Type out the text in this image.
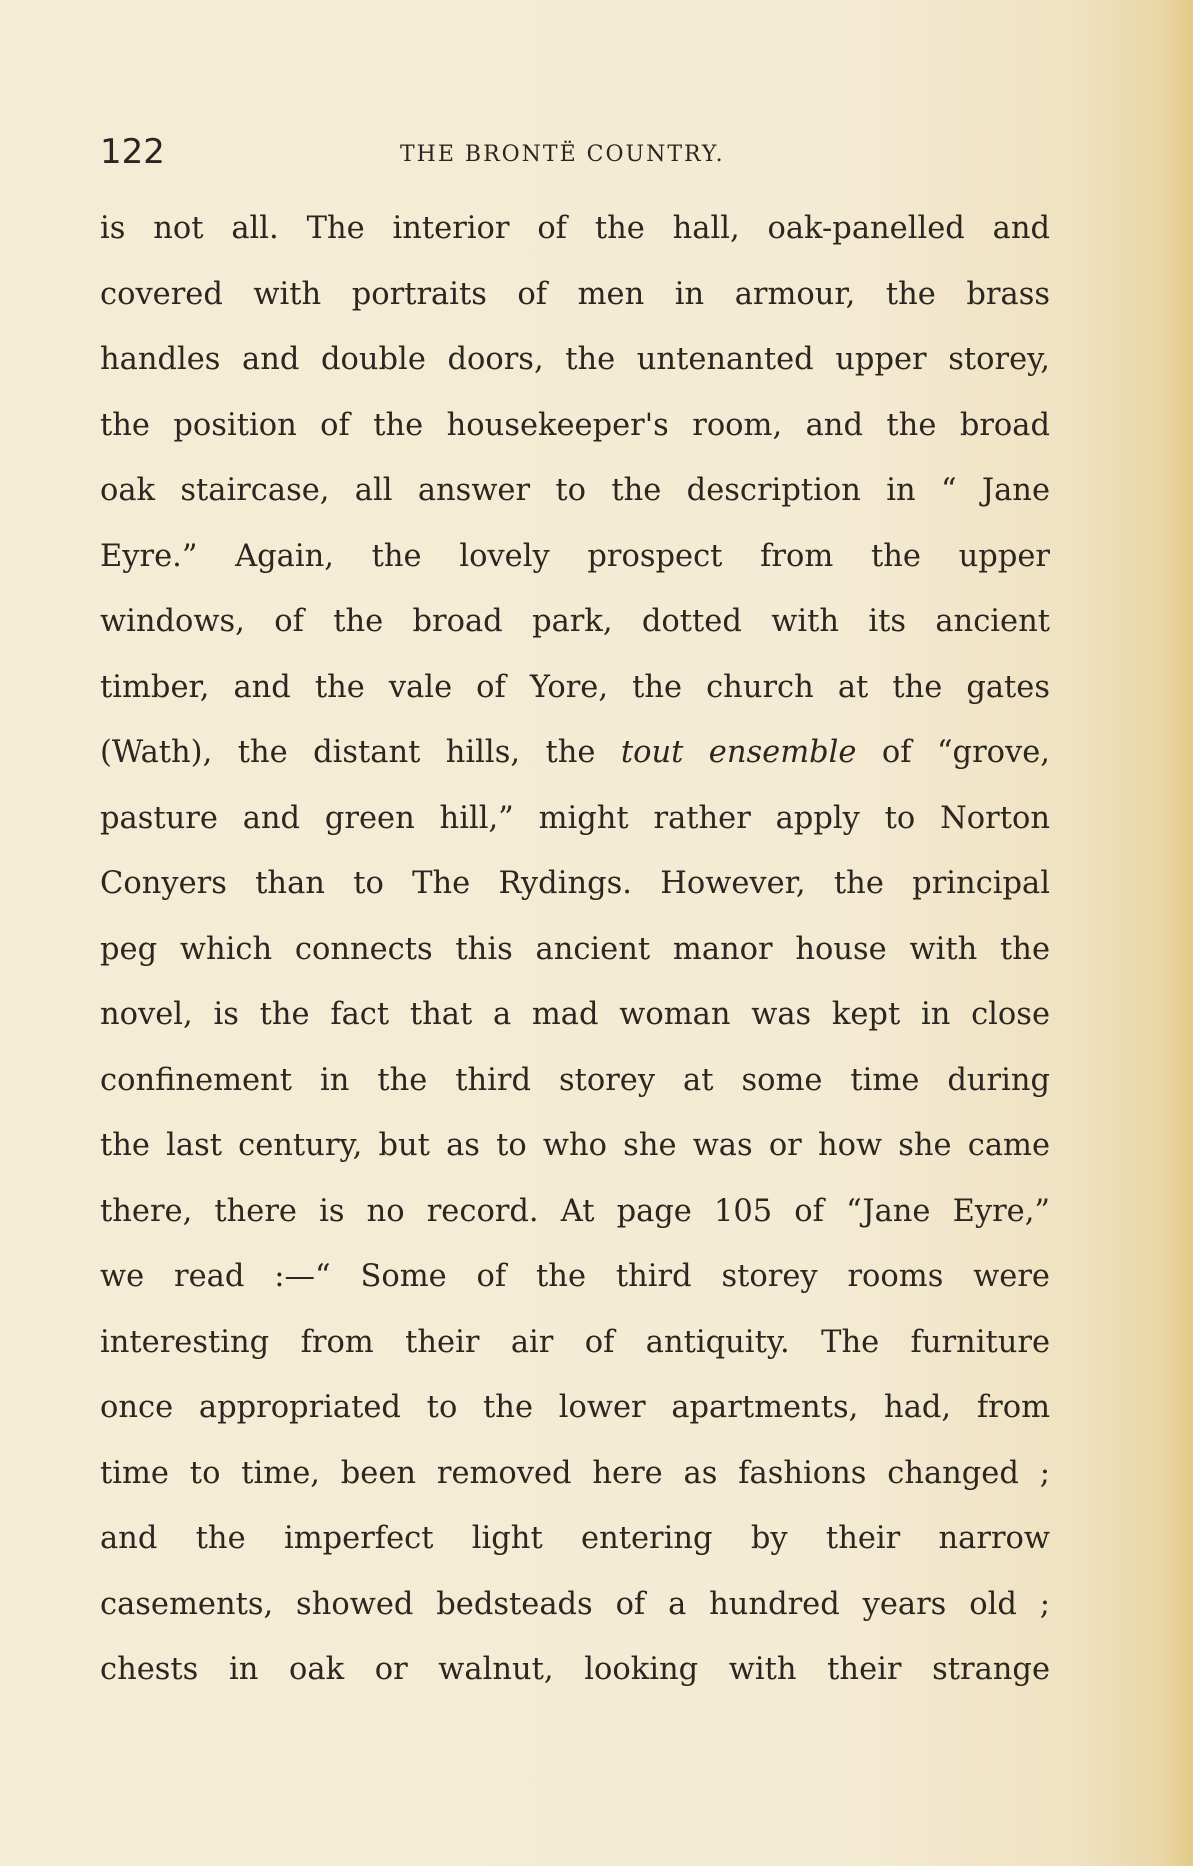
122	THE BRONTË COUNTRY.
is not all. The interior of the hall, oak-panelled and
covered with portraits of men in armour, the brass
handles and double doors, the untenanted upper storey,
the position of the housekeeper's room, and the broad
oak staircase, all answer to the description in “ Jane
Eyre.” Again, the lovely prospect from the upper
windows, of the broad park, dotted with its ancient
timber, and the vale of Yore, the church at the gates
(Wath), the distant hills, the tout ensemble of “grove,
pasture and green hill,” might rather apply to Norton
Conyers than to The Rydings. However, the principal
peg which connects this ancient manor house with the
novel, is the fact that a mad woman was kept in close
confinement in the third storey at some time during
the last century, but as to who she was or how she came
there, there is no record. At page 105 of “Jane Eyre,”
we read :—“ Some of the third storey rooms were
interesting from their air of antiquity. The furniture
once appropriated to the lower apartments, had, from
time to time, been removed here as fashions changed ;
and the imperfect light entering by their narrow
casements, showed bedsteads of a hundred years old ;
chests in oak or walnut, looking with their strange
